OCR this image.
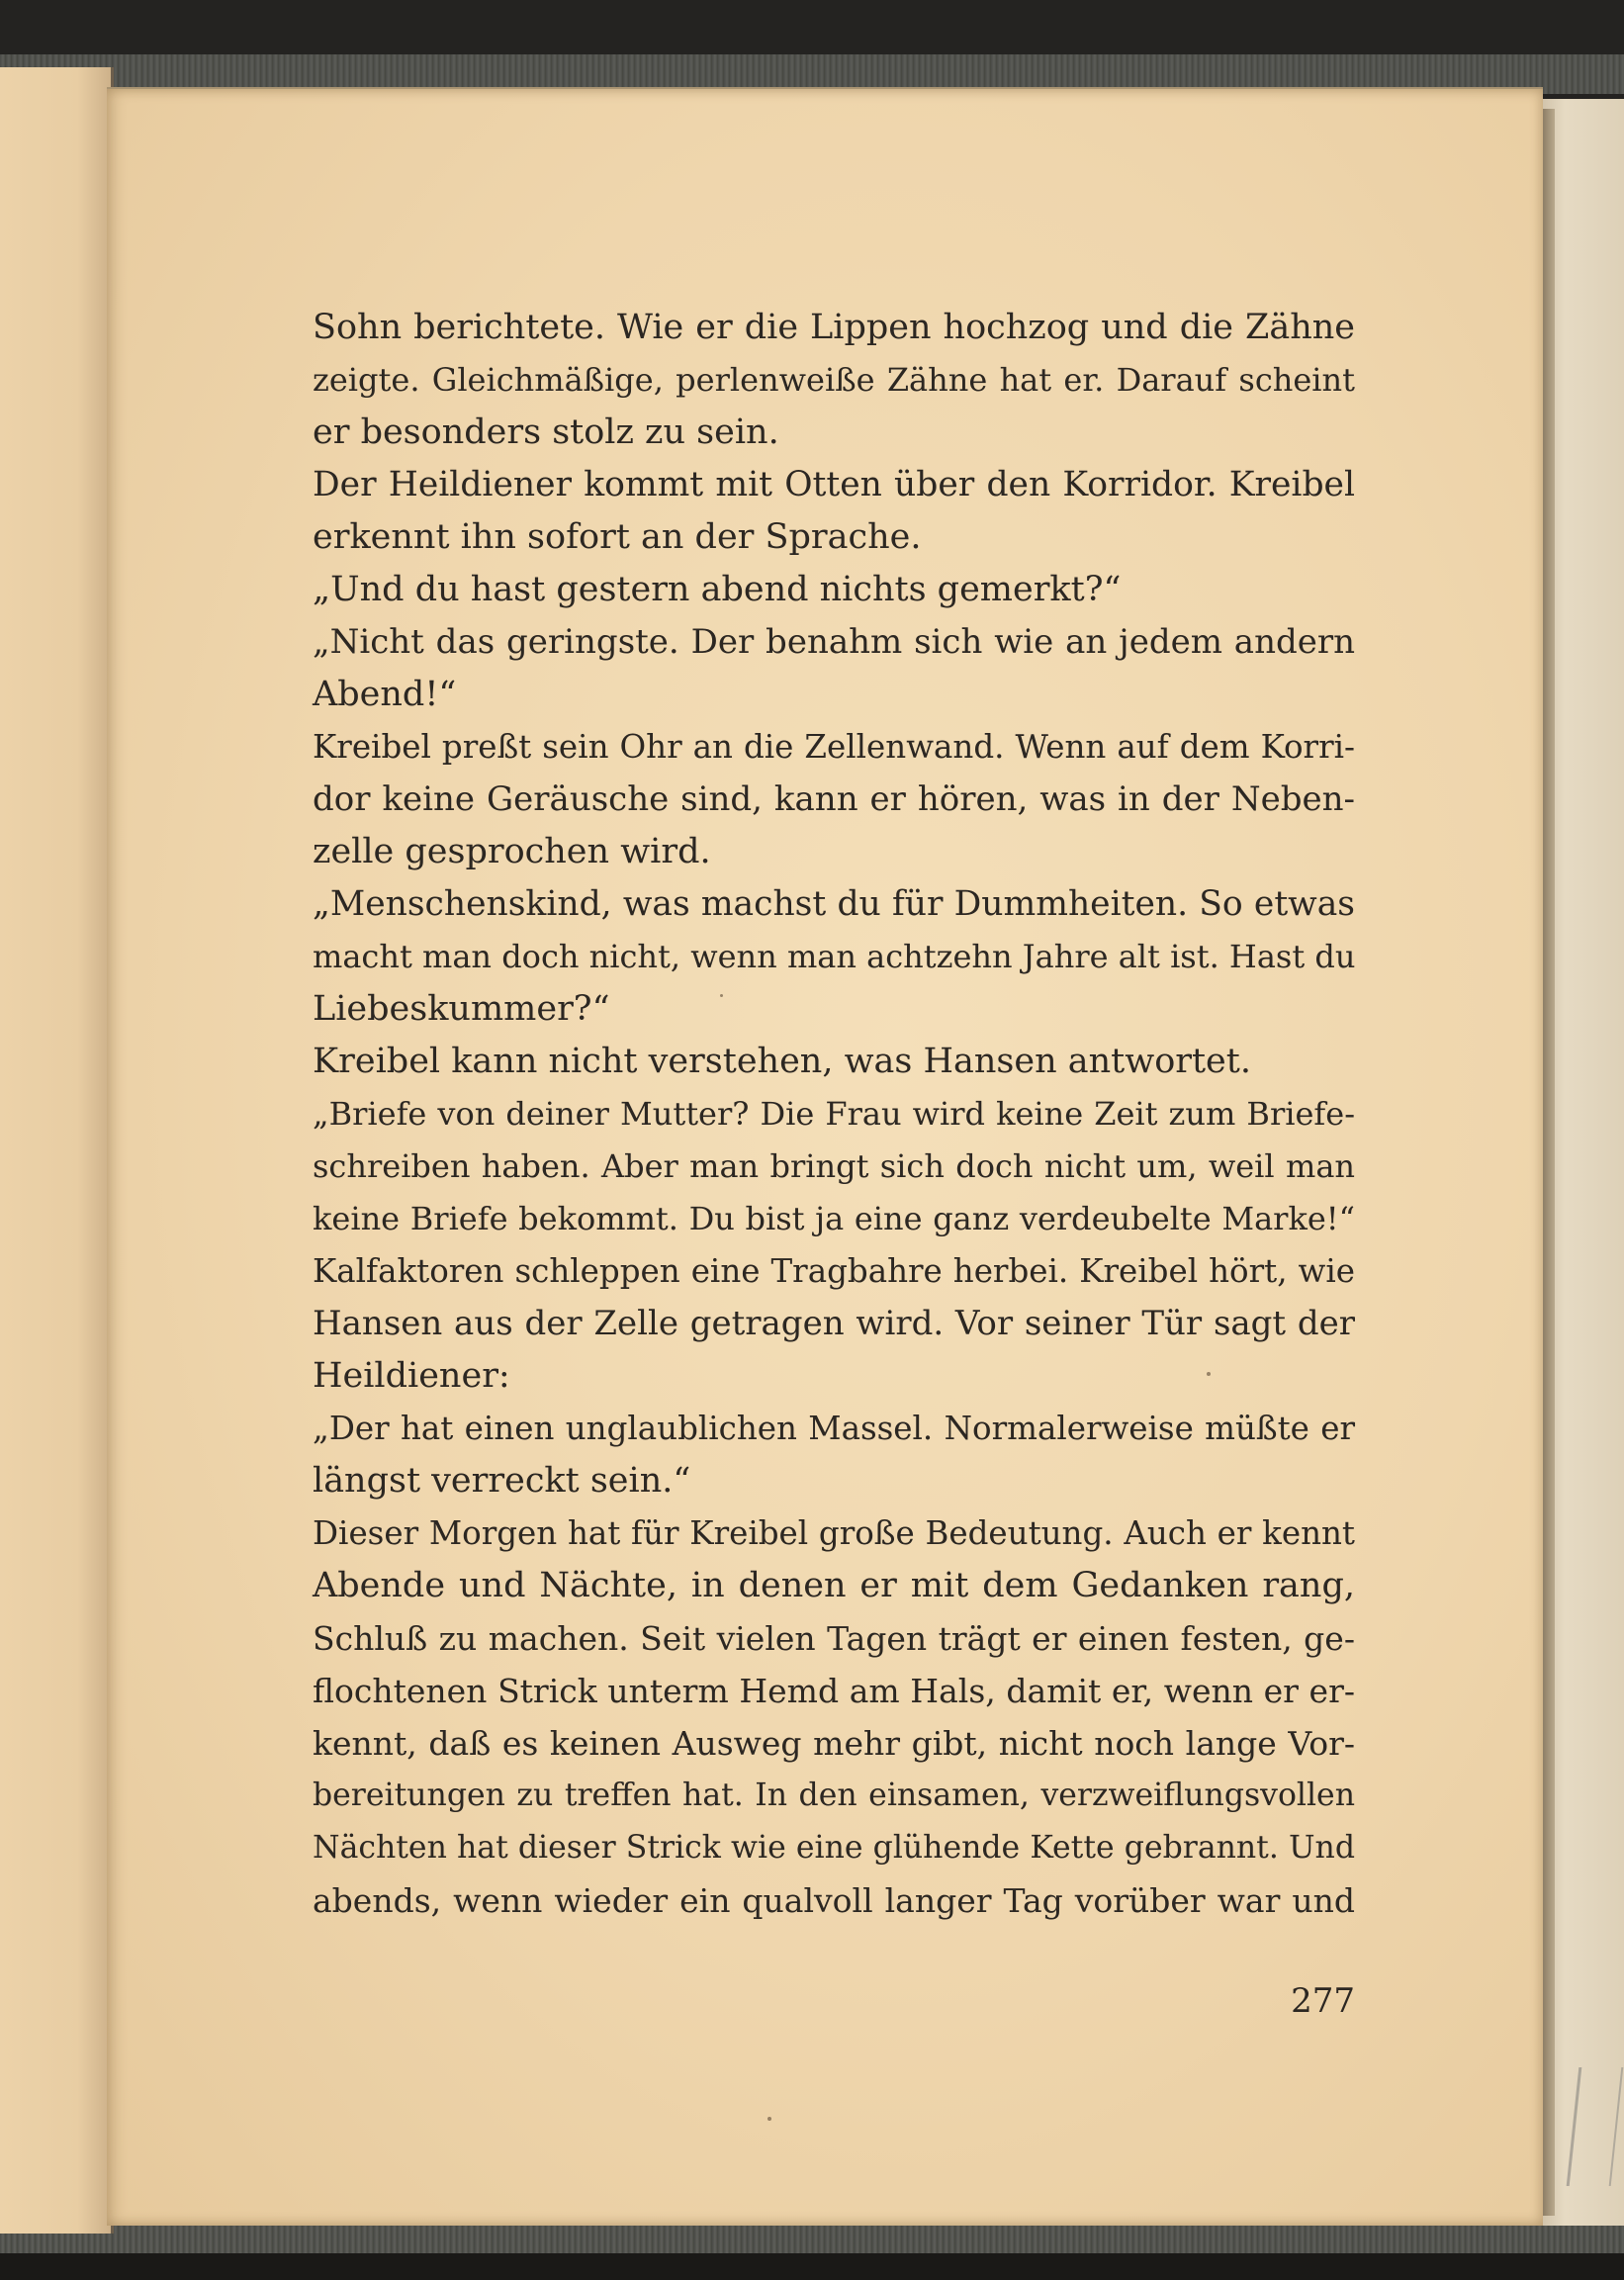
Sohn berichtete. Wie er die Lippen hochzog und die Zähne
zeigte. Gleichmäßige, perlenweiße Zähne hat er. Darauf scheint
er besonders stolz zu sein.
Der Heildiener kommt mit Otten über den Korridor. Kreibel
erkennt ihn sofort an der Sprache.
„Und du hast gestern abend nichts gemerkt?“
„Nicht das geringste. Der benahm sich wie an jedem andern
Abend!“
Kreibel preßt sein Ohr an die Zellenwand. Wenn auf dem Korri-
dor keine Geräusche sind, kann er hören, was in der Neben-
zelle gesprochen wird.
„Menschenskind, was machst du für Dummheiten. So etwas
macht man doch nicht, wenn man achtzehn Jahre alt ist. Hast du
Liebeskummer?“
Kreibel kann nicht verstehen, was Hansen antwortet.
„Briefe von deiner Mutter? Die Frau wird keine Zeit zum Briefe-
schreiben haben. Aber man bringt sich doch nicht um, weil man
keine Briefe bekommt. Du bist ja eine ganz verdeubelte Marke!“
Kalfaktoren schleppen eine Tragbahre herbei. Kreibel hört, wie
Hansen aus der Zelle getragen wird. Vor seiner Tür sagt der
Heildiener:
„Der hat einen unglaublichen Massel. Normalerweise müßte er
längst verreckt sein.“
Dieser Morgen hat für Kreibel große Bedeutung. Auch er kennt
Abende und Nächte, in denen er mit dem Gedanken rang,
Schluß zu machen. Seit vielen Tagen trägt er einen festen, ge-
flochtenen Strick unterm Hemd am Hals, damit er, wenn er er-
kennt, daß es keinen Ausweg mehr gibt, nicht noch lange Vor-
bereitungen zu treffen hat. In den einsamen, verzweiflungsvollen
Nächten hat dieser Strick wie eine glühende Kette gebrannt. Und
abends, wenn wieder ein qualvoll langer Tag vorüber war und
277
